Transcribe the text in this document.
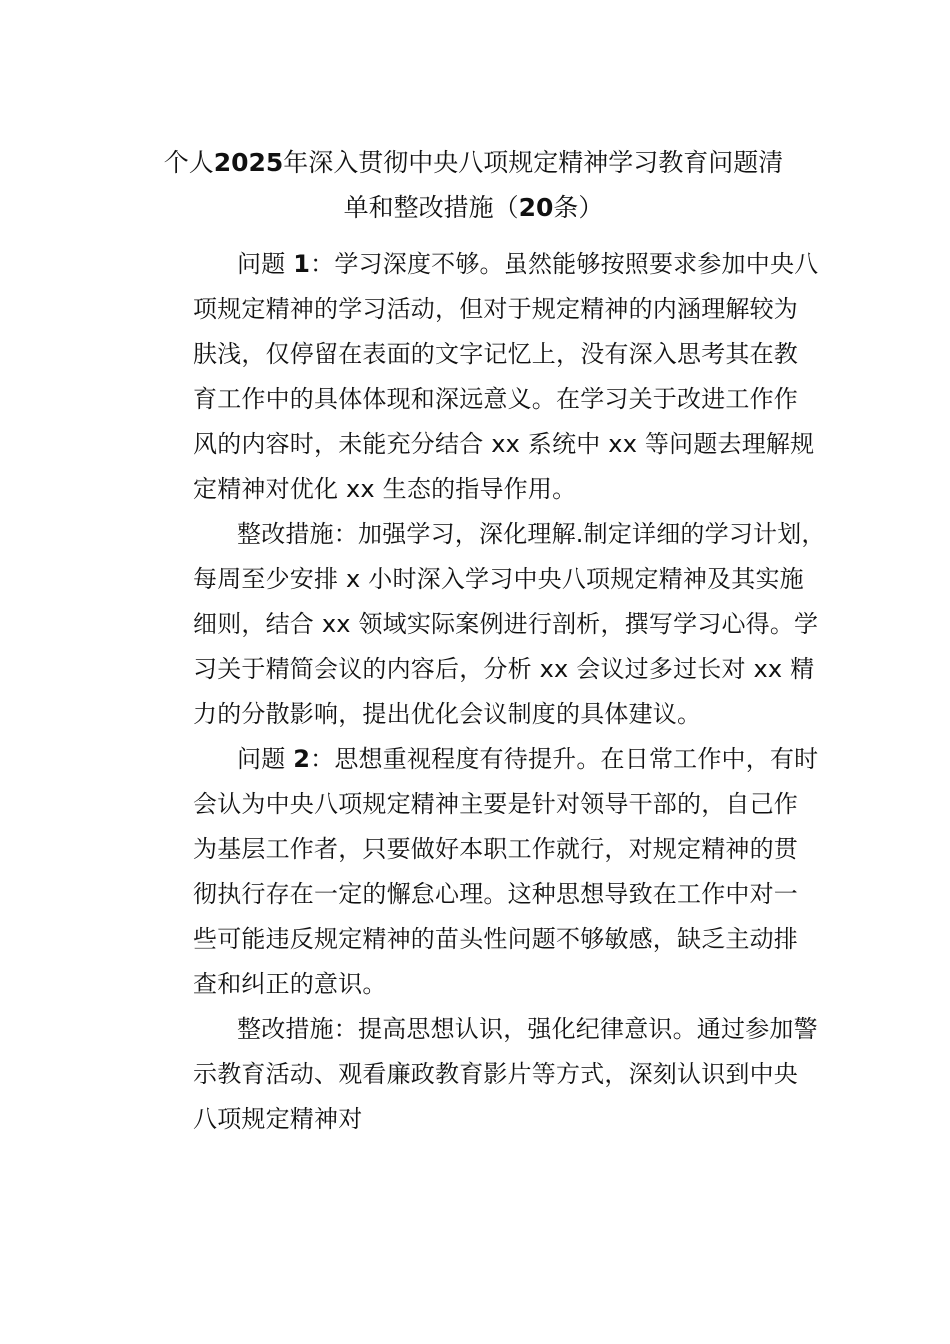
个人2025年深入贯彻中央八项规定精神学习教育问题清
单和整改措施（20条）

问题 1：学习深度不够。虽然能够按照要求参加中央八
项规定精神的学习活动，但对于规定精神的内涵理解较为
肤浅，仅停留在表面的文字记忆上，没有深入思考其在教
育工作中的具体体现和深远意义。在学习关于改进工作作
风的内容时，未能充分结合 xx 系统中 xx 等问题去理解规
定精神对优化 xx 生态的指导作用。

整改措施：加强学习，深化理解.制定详细的学习计划，
每周至少安排 x 小时深入学习中央八项规定精神及其实施
细则，结合 xx 领域实际案例进行剖析，撰写学习心得。学
习关于精简会议的内容后，分析 xx 会议过多过长对 xx 精
力的分散影响，提出优化会议制度的具体建议。

问题 2：思想重视程度有待提升。在日常工作中，有时
会认为中央八项规定精神主要是针对领导干部的，自己作
为基层工作者，只要做好本职工作就行，对规定精神的贯
彻执行存在一定的懈怠心理。这种思想导致在工作中对一
些可能违反规定精神的苗头性问题不够敏感，缺乏主动排
查和纠正的意识。

整改措施：提高思想认识，强化纪律意识。通过参加警
示教育活动、观看廉政教育影片等方式，深刻认识到中央
八项规定精神对
